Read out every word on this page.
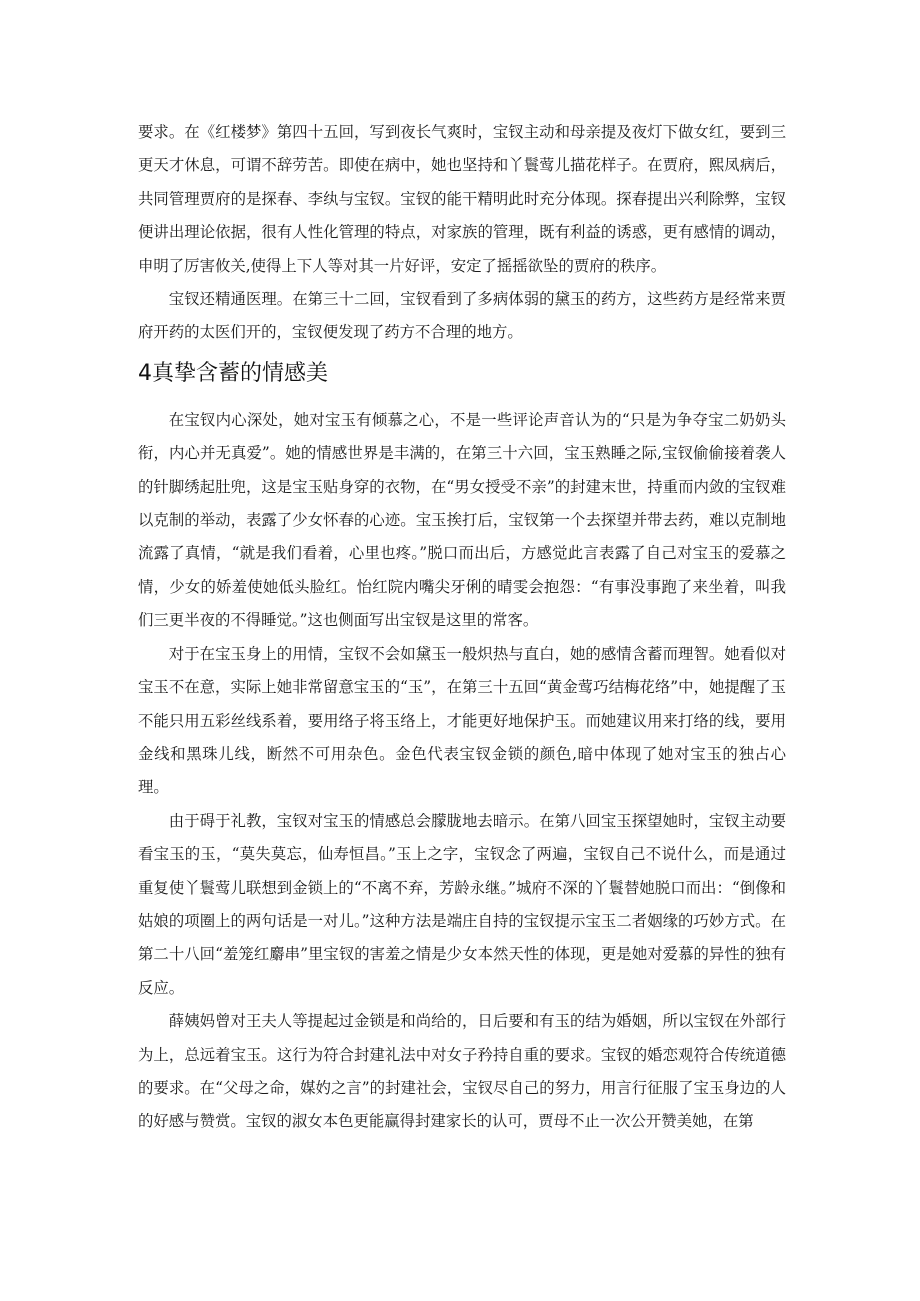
要求。在《红楼梦》第四十五回，写到夜长气爽时，宝钗主动和母亲提及夜灯下做女红，要到三更天才休息，可谓不辞劳苦。即使在病中，她也坚持和丫鬟莺儿描花样子。在贾府，熙凤病后，共同管理贾府的是探春、李纨与宝钗。宝钗的能干精明此时充分体现。探春提出兴利除弊，宝钗便讲出理论依据，很有人性化管理的特点，对家族的管理，既有利益的诱惑，更有感情的调动，申明了厉害攸关,使得上下人等对其一片好评，安定了摇摇欲坠的贾府的秩序。

宝钗还精通医理。在第三十二回，宝钗看到了多病体弱的黛玉的药方，这些药方是经常来贾府开药的太医们开的，宝钗便发现了药方不合理的地方。

4真挚含蓄的情感美

在宝钗内心深处，她对宝玉有倾慕之心，不是一些评论声音认为的“只是为争夺宝二奶奶头衔，内心并无真爱”。她的情感世界是丰满的，在第三十六回，宝玉熟睡之际,宝钗偷偷接着袭人的针脚绣起肚兜，这是宝玉贴身穿的衣物，在“男女授受不亲”的封建末世，持重而内敛的宝钗难以克制的举动，表露了少女怀春的心迹。宝玉挨打后，宝钗第一个去探望并带去药，难以克制地流露了真情，“就是我们看着，心里也疼。”脱口而出后，方感觉此言表露了自己对宝玉的爱慕之情，少女的娇羞使她低头脸红。怡红院内嘴尖牙俐的晴雯会抱怨：“有事没事跑了来坐着，叫我们三更半夜的不得睡觉。”这也侧面写出宝钗是这里的常客。

对于在宝玉身上的用情，宝钗不会如黛玉一般炽热与直白，她的感情含蓄而理智。她看似对宝玉不在意，实际上她非常留意宝玉的“玉”，在第三十五回“黄金莺巧结梅花络”中，她提醒了玉不能只用五彩丝线系着，要用络子将玉络上，才能更好地保护玉。而她建议用来打络的线，要用金线和黑珠儿线，断然不可用杂色。金色代表宝钗金锁的颜色,暗中体现了她对宝玉的独占心理。

由于碍于礼教，宝钗对宝玉的情感总会朦胧地去暗示。在第八回宝玉探望她时，宝钗主动要看宝玉的玉，“莫失莫忘，仙寿恒昌。”玉上之字，宝钗念了两遍，宝钗自己不说什么，而是通过重复使丫鬟莺儿联想到金锁上的“不离不弃，芳龄永继。”城府不深的丫鬟替她脱口而出：“倒像和姑娘的项圈上的两句话是一对儿。”这种方法是端庄自持的宝钗提示宝玉二者姻缘的巧妙方式。在第二十八回“羞笼红麝串”里宝钗的害羞之情是少女本然天性的体现，更是她对爱慕的异性的独有反应。

薛姨妈曾对王夫人等提起过金锁是和尚给的，日后要和有玉的结为婚姻，所以宝钗在外部行为上，总远着宝玉。这行为符合封建礼法中对女子矜持自重的要求。宝钗的婚恋观符合传统道德的要求。在“父母之命，媒妁之言”的封建社会，宝钗尽自己的努力，用言行征服了宝玉身边的人的好感与赞赏。宝钗的淑女本色更能赢得封建家长的认可，贾母不止一次公开赞美她，在第
